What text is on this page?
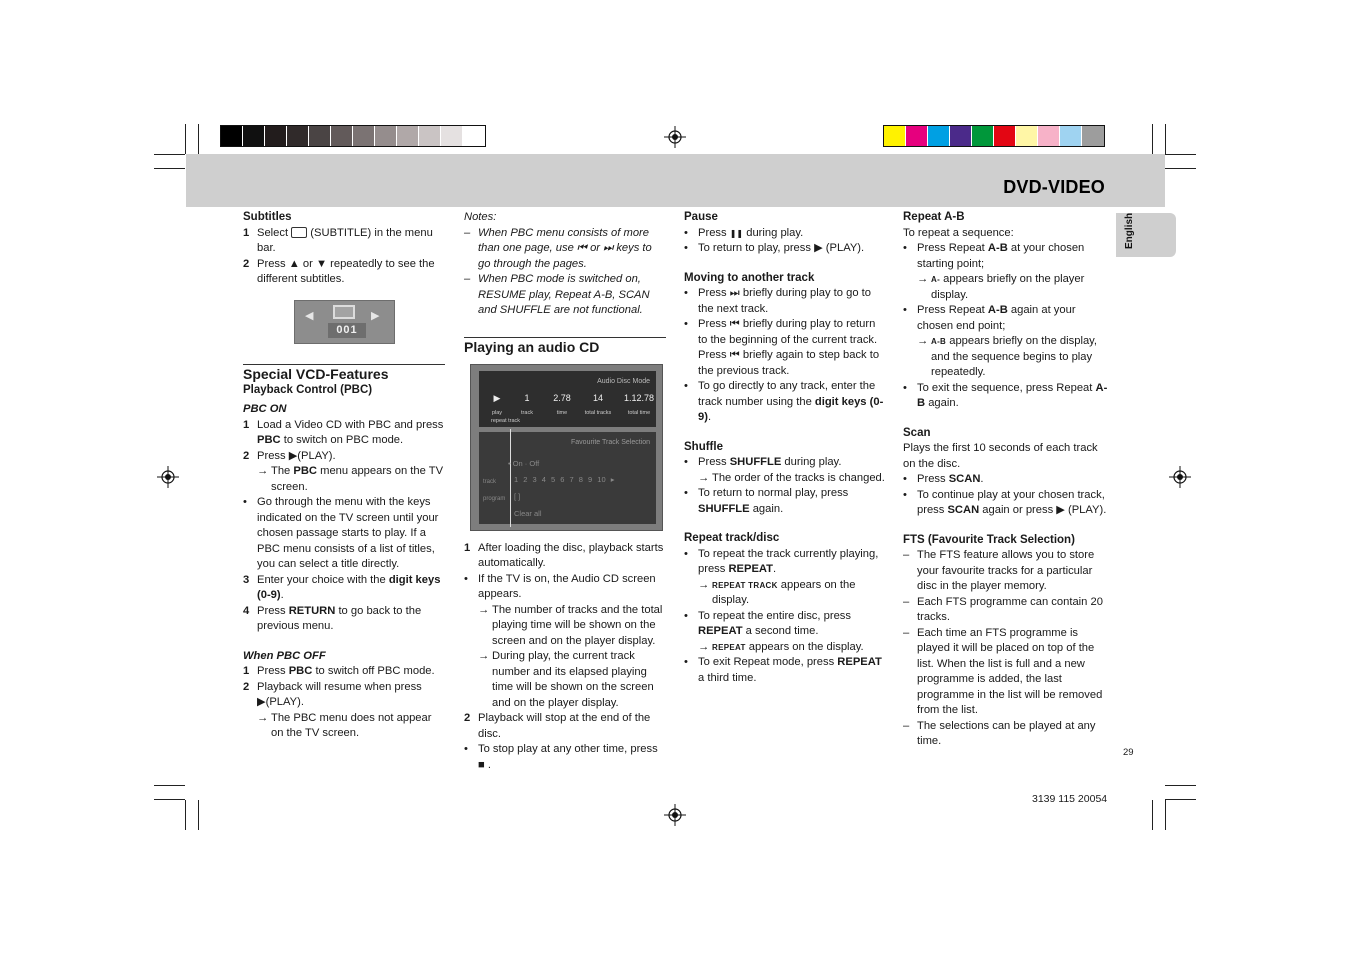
DVD-VIDEO
English

Subtitles

1 Select  (SUBTITLE) in the menu bar.
2 Press ▲ or ▼ repeatedly to see the different subtitles.
◀	▶
001

Special VCD-Features

Playback Control (PBC)

PBC ON

1 Load a Video CD with PBC and press PBC to switch on PBC mode.
2 Press ▶(PLAY).
→ The PBC menu appears on the TV screen.
• Go through the menu with the keys indicated on the TV screen until your chosen passage starts to play. If a PBC menu consists of a list of titles, you can select a title directly.
3 Enter your choice with the digit keys (0-9).
4 Press RETURN to go back to the previous menu.

When PBC OFF

1 Press PBC to switch off PBC mode.
2 Playback will resume when press ▶(PLAY).
→ The PBC menu does not appear on the TV screen.

Notes:

– When PBC menu consists of more than one page, use ⏮ or ⏭ keys to go through the pages.
– When PBC mode is switched on, RESUME play, Repeat A-B, SCAN and SHUFFLE are not functional.

Playing an audio CD

Audio Disc Mode
▶
play
1
track
2.78
time
14
total tracks
1.12.78
total time
repeat track
Favourite Track Selection
• On · Off
track 1 2 3 4 5 6 7 8 9 10 ▸
program [ ]
Clear all
1 After loading the disc, playback starts automatically.
• If the TV is on, the Audio CD screen appears.
→ The number of tracks and the total playing time will be shown on the screen and on the player display.
→ During play, the current track number and its elapsed playing time will be shown on the screen and on the player display.
2 Playback will stop at the end of the disc.
• To stop play at any other time, press
■ .

Pause

• Press ❚❚ during play.
• To return to play, press ▶ (PLAY).

Moving to another track

• Press ⏭ briefly during play to go to the next track.
• Press ⏮ briefly during play to return to the beginning of the current track. Press ⏮ briefly again to step back to the previous track.
• To go directly to any track, enter the track number using the digit keys (0-9).

Shuffle

• Press SHUFFLE during play.
→ The order of the tracks is changed.
• To return to normal play, press SHUFFLE again.

Repeat track/disc

• To repeat the track currently playing, press REPEAT.
→ REPEAT TRACK appears on the display.
• To repeat the entire disc, press REPEAT a second time.
→ REPEAT appears on the display.
• To exit Repeat mode, press REPEAT a third time.

Repeat A-B

To repeat a sequence:

• Press Repeat A-B at your chosen starting point;
→ A- appears briefly on the player display.
• Press Repeat A-B again at your chosen end point;
→ A-B appears briefly on the display, and the sequence begins to play repeatedly.
• To exit the sequence, press Repeat A-B again.

Scan

Plays the first 10 seconds of each track on the disc.

• Press SCAN.
• To continue play at your chosen track, press SCAN again or press ▶ (PLAY).

FTS (Favourite Track Selection)

– The FTS feature allows you to store your favourite tracks for a particular disc in the player memory.
– Each FTS programme can contain 20 tracks.
– Each time an FTS programme is played it will be placed on top of the list. When the list is full and a new programme is added, the last programme in the list will be removed from the list.
– The selections can be played at any time.
29
3139 115 20054
